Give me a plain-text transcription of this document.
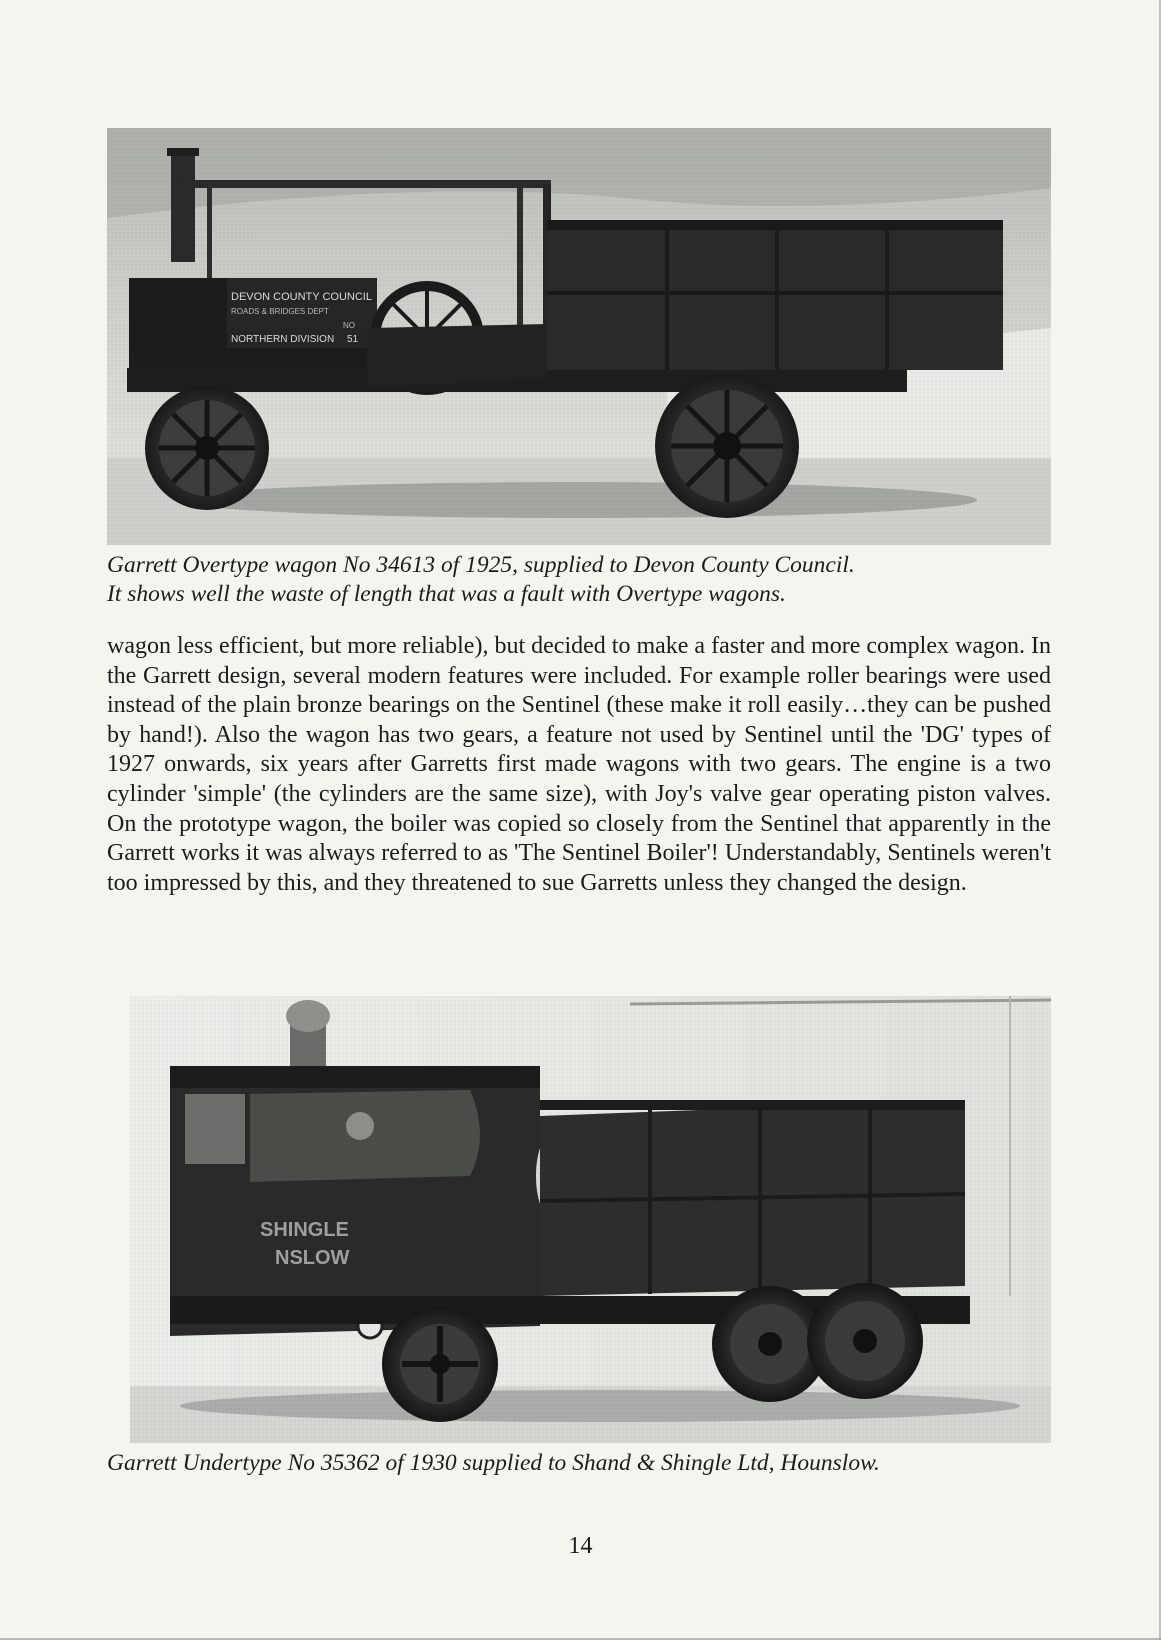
Garrett Overtype wagon No 34613 of 1925, supplied to Devon County Council.
It shows well the waste of length that was a fault with Overtype wagons.

wagon less efficient, but more reliable), but decided to make a faster and more complex wagon. In the Garrett design, several modern features were included. For example roller bearings were used instead of the plain bronze bearings on the Sentinel (these make it roll easily…they can be pushed by hand!). Also the wagon has two gears, a feature not used by Sentinel until the 'DG' types of 1927 onwards, six years after Garretts first made wagons with two gears. The engine is a two cylinder 'simple' (the cylinders are the same size), with Joy's valve gear operating piston valves. On the prototype wagon, the boiler was copied so closely from the Sentinel that apparently in the Garrett works it was always referred to as 'The Sentinel Boiler'! Understandably, Sentinels weren't too impressed by this, and they threatened to sue Garretts unless they changed the design.

Garrett Undertype No 35362 of 1930 supplied to Shand & Shingle Ltd, Hounslow.

14
